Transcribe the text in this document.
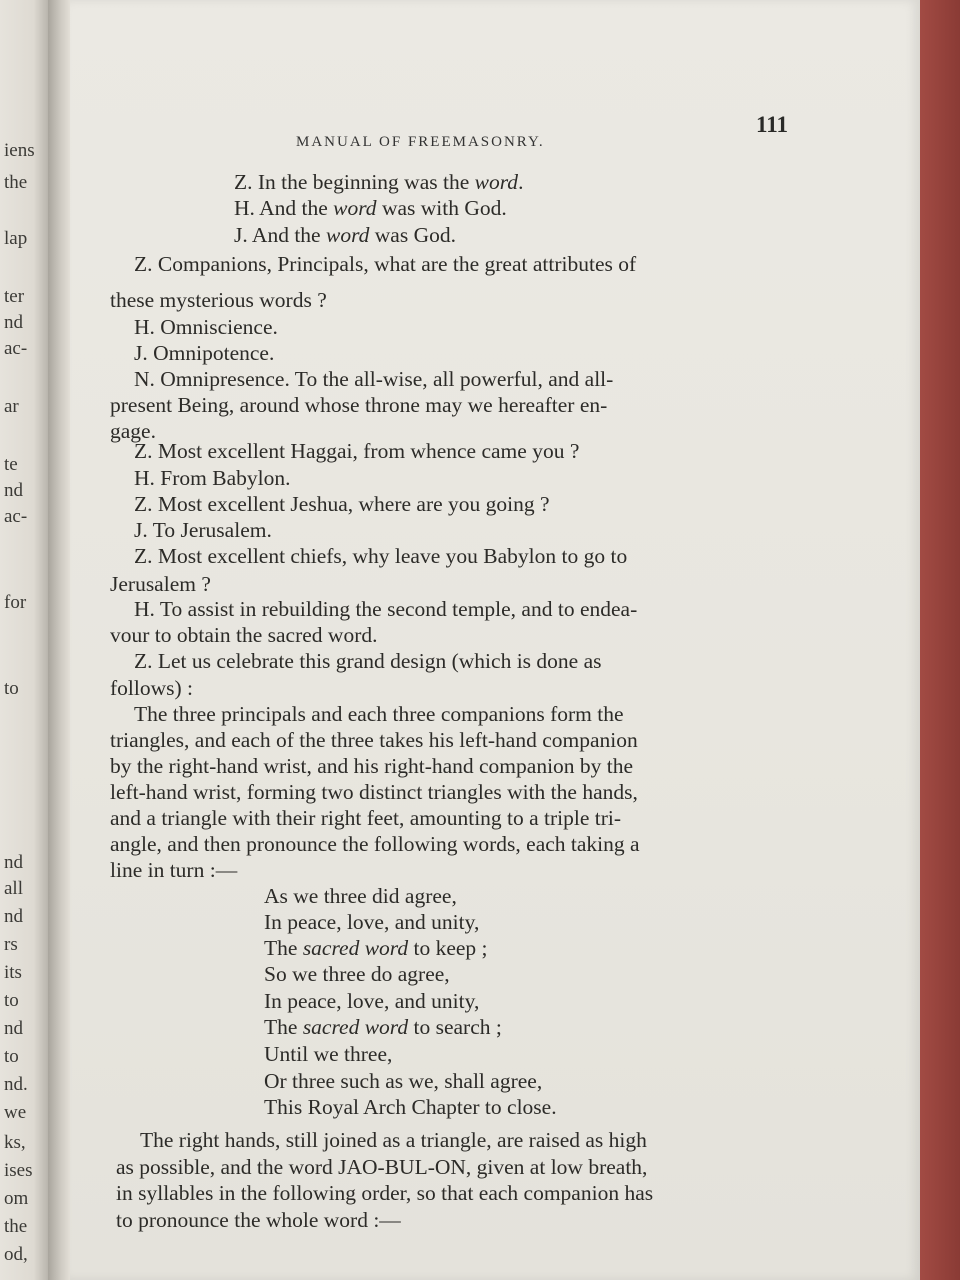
iens
the
lap
ter
nd
ac-
ar
te
nd
ac-
for
to
nd
all
nd
rs
its
to
nd
to
nd.
we
ks,
ises
om
the
od,
MANUAL OF FREEMASONRY.
111
Z. In the beginning was the word.
H. And the word was with God.
J. And the word was God.
Z. Companions, Principals, what are the great attributes of
these mysterious words ?
H. Omniscience.
J. Omnipotence.
N. Omnipresence. To the all-wise, all powerful, and all-
present Being, around whose throne may we hereafter en-
gage.
Z. Most excellent Haggai, from whence came you ?
H. From Babylon.
Z. Most excellent Jeshua, where are you going ?
J. To Jerusalem.
Z. Most excellent chiefs, why leave you Babylon to go to
Jerusalem ?
H. To assist in rebuilding the second temple, and to endea-
vour to obtain the sacred word.
Z. Let us celebrate this grand design (which is done as
follows) :
The three principals and each three companions form the
triangles, and each of the three takes his left-hand companion
by the right-hand wrist, and his right-hand companion by the
left-hand wrist, forming two distinct triangles with the hands,
and a triangle with their right feet, amounting to a triple tri-
angle, and then pronounce the following words, each taking a
line in turn :—
As we three did agree,
In peace, love, and unity,
The sacred word to keep ;
So we three do agree,
In peace, love, and unity,
The sacred word to search ;
Until we three,
Or three such as we, shall agree,
This Royal Arch Chapter to close.
The right hands, still joined as a triangle, are raised as high
as possible, and the word JAO-BUL-ON, given at low breath,
in syllables in the following order, so that each companion has
to pronounce the whole word :—
